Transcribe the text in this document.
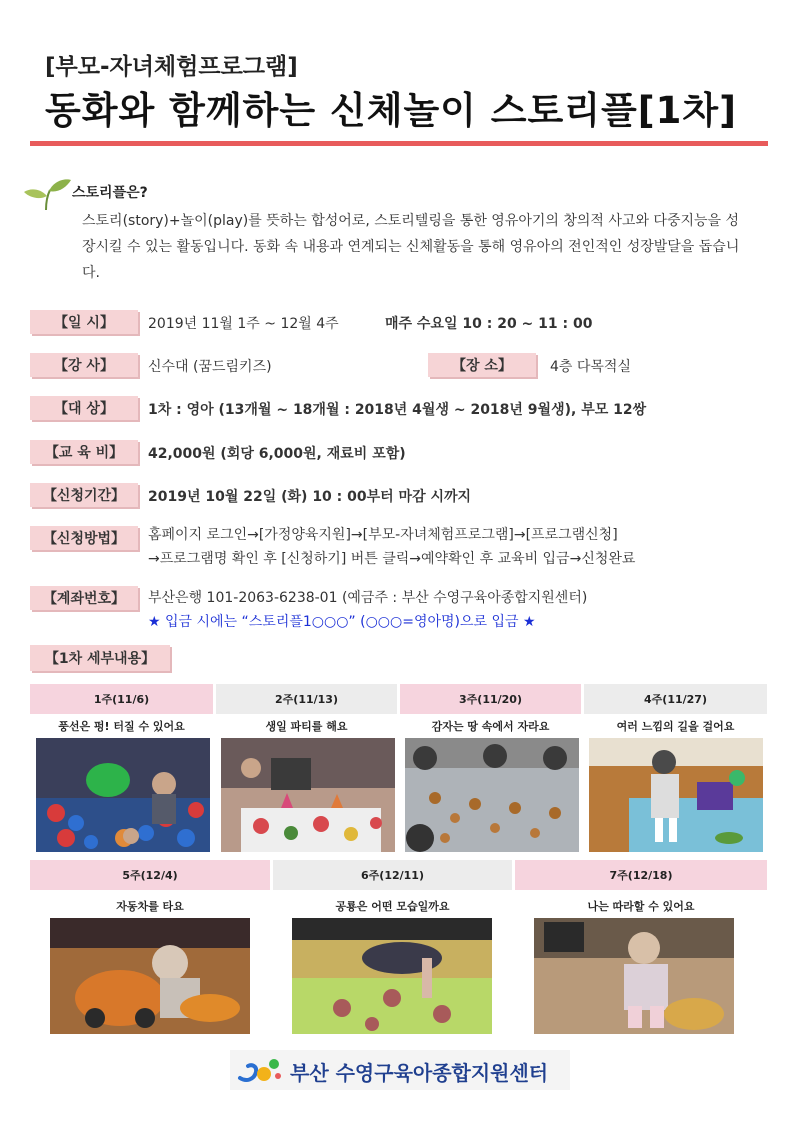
[부모-자녀체험프로그램]
동화와 함께하는 신체놀이 스토리플[1차]
스토리플은?
스토리(story)+놀이(play)를 뜻하는 합성어로, 스토리텔링을 통한 영유아기의 창의적 사고와 다중지능을 성장시킬 수 있는 활동입니다. 동화 속 내용과 연계되는 신체활동을 통해 영유아의 전인적인 성장발달을 돕습니다.
【일 시】	2019년 11월 1주 ~ 12월 4주	매주 수요일 10 : 20 ~ 11 : 00
【강 사】	신수대 (꿈드림키즈)	【장 소】	4층 다목적실
【대 상】	1차 : 영아 (13개월 ~ 18개월 : 2018년 4월생 ~ 2018년 9월생), 부모 12쌍
【교 육 비】	42,000원 (회당 6,000원, 재료비 포함)
【신청기간】	2019년 10월 22일 (화) 10 : 00부터 마감 시까지
【신청방법】	홈페이지 로그인→[가정양육지원]→[부모-자녀체험프로그램]→[프로그램신청]
→프로그램명 확인 후 [신청하기] 버튼 클릭→예약확인 후 교육비 입금→신청완료
【계좌번호】	부산은행 101-2063-6238-01 (예금주 : 부산 수영구육아종합지원센터)
★ 입금 시에는 “스토리플1○○○” (○○○=영아명)으로 입금 ★
【1차 세부내용】
1주(11/6)	2주(11/13)	3주(11/20)	4주(11/27)
풍선은 펑! 터질 수 있어요	생일 파티를 해요	감자는 땅 속에서 자라요	여러 느낌의 길을 걸어요
5주(12/4)	6주(12/11)	7주(12/18)
자동차를 타요	공룡은 어떤 모습일까요	나는 따라할 수 있어요
부산 수영구육아종합지원센터
